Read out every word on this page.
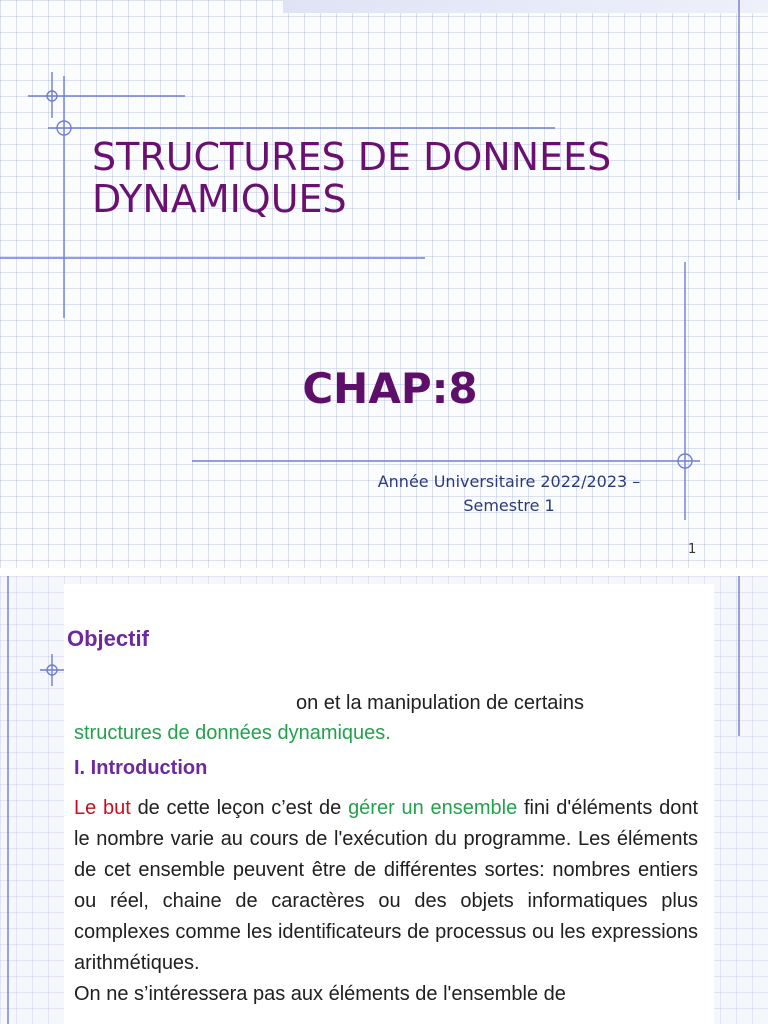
STRUCTURES DE DONNEES
DYNAMIQUES
CHAP:8
Année Universitaire 2022/2023 –
Semestre 1
1
Objectif

on et la manipulation de certains
structures de données dynamiques.

I. Introduction

Le but de cette leçon c’est de gérer un ensemble fini d'éléments dont le nombre varie au cours de l'exécution du programme. Les éléments de cet ensemble peuvent être de différentes sortes: nombres entiers ou réel, chaine de caractères ou des objets informatiques plus complexes comme les identificateurs de processus ou les expressions arithmétiques.
On ne s’intéressera pas aux éléments de l'ensemble de
